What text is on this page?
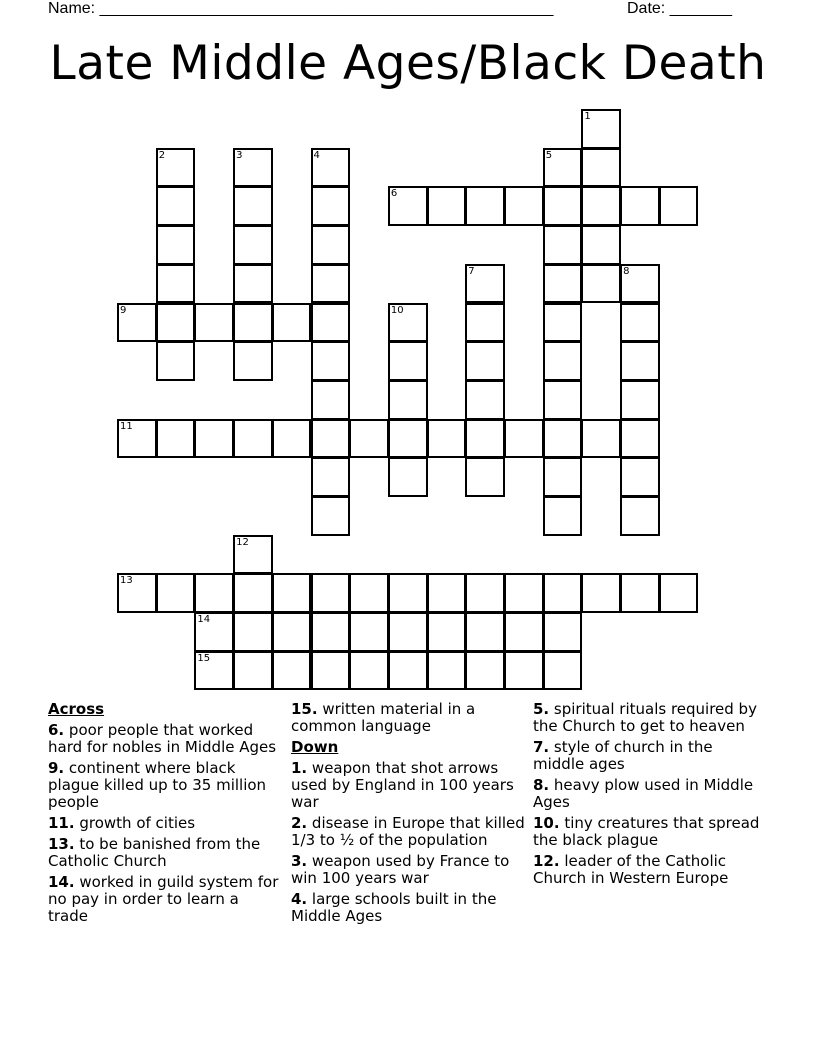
Name: ___________________________________________________	Date: _______
Late Middle Ages/Black Death
1
2	3	4	5
6
7	8
9	10
11
12
13
14
15
Across
6. poor people that worked hard for nobles in Middle Ages
9. continent where black plague killed up to 35 million people
11. growth of cities
13. to be banished from the Catholic Church
14. worked in guild system for no pay in order to learn a trade
15. written material in a common language
Down
1. weapon that shot arrows used by England in 100 years war
2. disease in Europe that killed 1/3 to ½ of the population
3. weapon used by France to win 100 years war
4. large schools built in the Middle Ages
5. spiritual rituals required by the Church to get to heaven
7. style of church in the middle ages
8. heavy plow used in Middle Ages
10. tiny creatures that spread the black plague
12. leader of the Catholic Church in Western Europe
